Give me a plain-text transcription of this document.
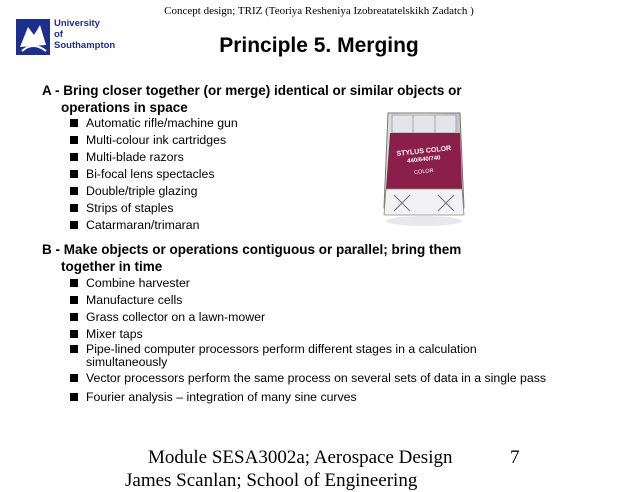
Concept design; TRIZ (Teoriya Resheniya Izobreatatelskikh Zadatch )
University
of Southampton	Principle 5. Merging
A - Bring closer together (or merge) identical or similar objects or
operations in space
Automatic rifle/machine gun
Multi-colour ink cartridges
Multi-blade razors
Bi-focal lens spectacles
Double/triple glazing
Strips of staples
Catarmaran/trimaran
B - Make objects or operations contiguous or parallel; bring them
together in time
Combine harvester
Manufacture cells
Grass collector on a lawn-mower
Mixer taps
Pipe-lined computer processors perform different stages in a calculation simultaneously
Vector processors perform the same process on several sets of data in a single pass
Fourier analysis – integration of many sine curves
STYLUS COLOR
440/640/740
COLOR
Module SESA3002a; Aerospace Design	7
James Scanlan; School of Engineering
